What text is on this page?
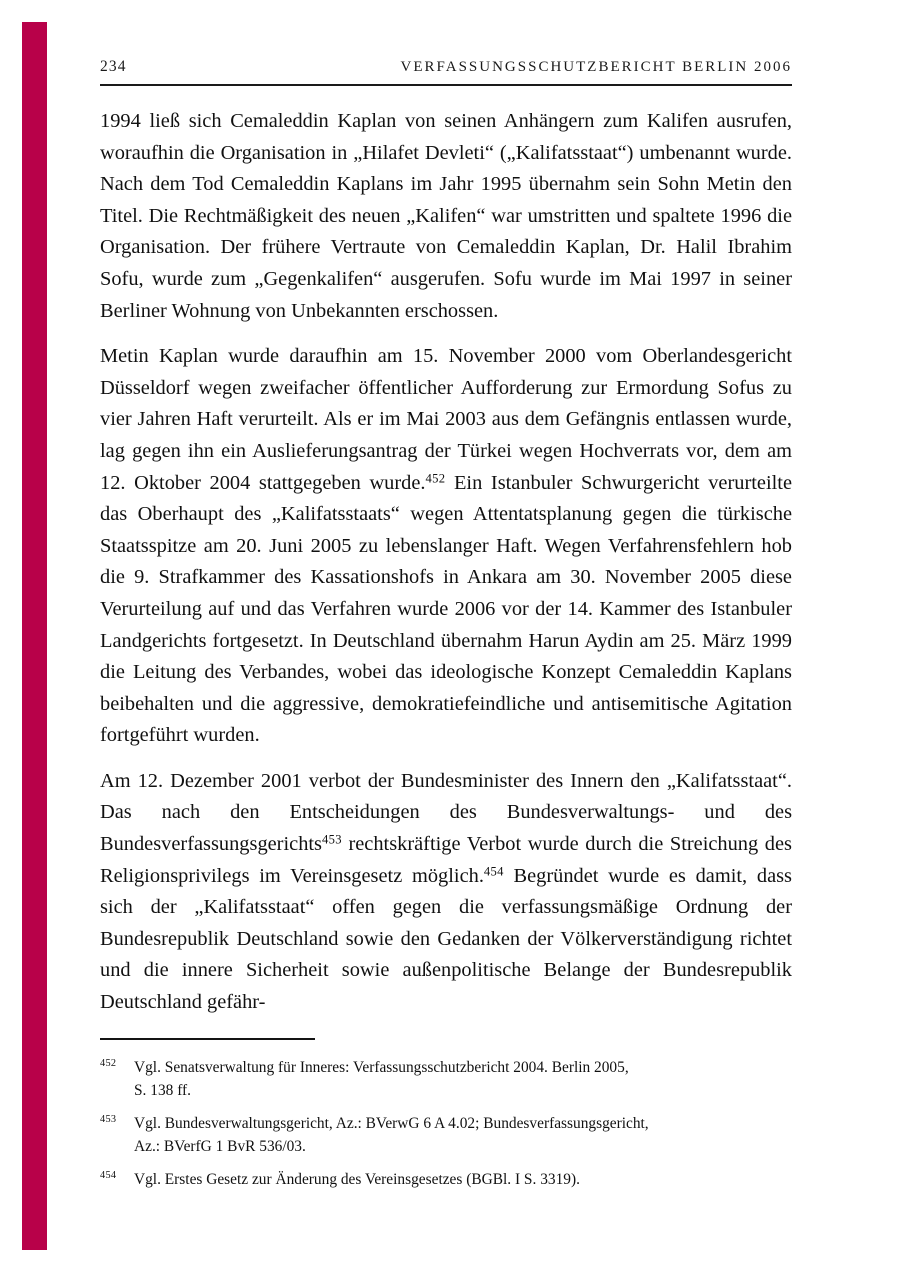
234	VERFASSUNGSSCHUTZBERICHT BERLIN 2006

1994 ließ sich Cemaleddin Kaplan von seinen Anhängern zum Kalifen ausrufen, woraufhin die Organisation in „Hilafet Devleti“ („Kalifatsstaat“) umbenannt wurde. Nach dem Tod Cemaleddin Kaplans im Jahr 1995 übernahm sein Sohn Metin den Titel. Die Rechtmäßigkeit des neuen „Kalifen“ war umstritten und spaltete 1996 die Organisation. Der frühere Vertraute von Cemaleddin Kaplan, Dr. Halil Ibrahim Sofu, wurde zum „Gegenkalifen“ ausgerufen. Sofu wurde im Mai 1997 in seiner Berliner Wohnung von Unbekannten erschossen.

Metin Kaplan wurde daraufhin am 15. November 2000 vom Oberlandesgericht Düsseldorf wegen zweifacher öffentlicher Aufforderung zur Ermordung Sofus zu vier Jahren Haft verurteilt. Als er im Mai 2003 aus dem Gefängnis entlassen wurde, lag gegen ihn ein Auslieferungsantrag der Türkei wegen Hochverrats vor, dem am 12. Oktober 2004 stattgegeben wurde.$^{452}$ Ein Istanbuler Schwurgericht verurteilte das Oberhaupt des „Kalifatsstaats“ wegen Attentatsplanung gegen die türkische Staatsspitze am 20. Juni 2005 zu lebenslanger Haft. Wegen Verfahrensfehlern hob die 9. Strafkammer des Kassationshofs in Ankara am 30. November 2005 diese Verurteilung auf und das Verfahren wurde 2006 vor der 14. Kammer des Istanbuler Landgerichts fortgesetzt. In Deutschland übernahm Harun Aydin am 25. März 1999 die Leitung des Verbandes, wobei das ideologische Konzept Cemaleddin Kaplans beibehalten und die aggressive, demokratiefeindliche und antisemitische Agitation fortgeführt wurden.

Am 12. Dezember 2001 verbot der Bundesminister des Innern den „Kalifatsstaat“. Das nach den Entscheidungen des Bundesverwaltungs- und des Bundesverfassungsgerichts$^{453}$ rechtskräftige Verbot wurde durch die Streichung des Religionsprivilegs im Vereinsgesetz möglich.$^{454}$ Begründet wurde es damit, dass sich der „Kalifatsstaat“ offen gegen die verfassungsmäßige Ordnung der Bundesrepublik Deutschland sowie den Gedanken der Völkerverständigung richtet und die innere Sicherheit sowie außenpolitische Belange der Bundesrepublik Deutschland gefähr-

452	Vgl. Senatsverwaltung für Inneres: Verfassungsschutzbericht 2004. Berlin 2005,
S. 138 ff.
453	Vgl. Bundesverwaltungsgericht, Az.: BVerwG 6 A 4.02; Bundesverfassungsgericht,
Az.: BVerfG 1 BvR 536/03.
454	Vgl. Erstes Gesetz zur Änderung des Vereinsgesetzes (BGBl. I S. 3319).
